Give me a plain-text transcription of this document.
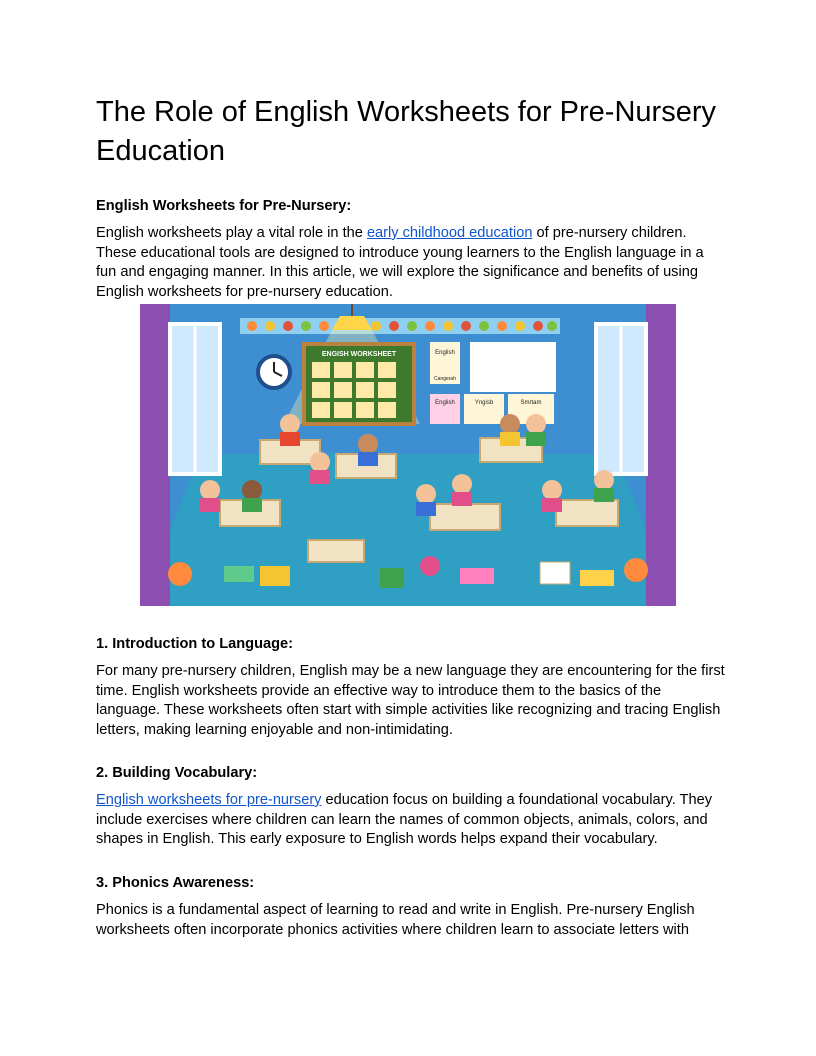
The Role of English Worksheets for Pre-Nursery Education

English Worksheets for Pre-Nursery:

English worksheets play a vital role in the early childhood education of pre-nursery children. These educational tools are designed to introduce young learners to the English language in a fun and engaging manner. In this article, we will explore the significance and benefits of using English worksheets for pre-nursery education.

ENGISH WORKSHEET	English
Cangerah
English	Yngisb	Smrtam

1. Introduction to Language:

For many pre-nursery children, English may be a new language they are encountering for the first time. English worksheets provide an effective way to introduce them to the basics of the language. These worksheets often start with simple activities like recognizing and tracing English letters, making learning enjoyable and non-intimidating.

2. Building Vocabulary:

English worksheets for pre-nursery education focus on building a foundational vocabulary. They include exercises where children can learn the names of common objects, animals, colors, and shapes in English. This early exposure to English words helps expand their vocabulary.

3. Phonics Awareness:

Phonics is a fundamental aspect of learning to read and write in English. Pre-nursery English worksheets often incorporate phonics activities where children learn to associate letters with
